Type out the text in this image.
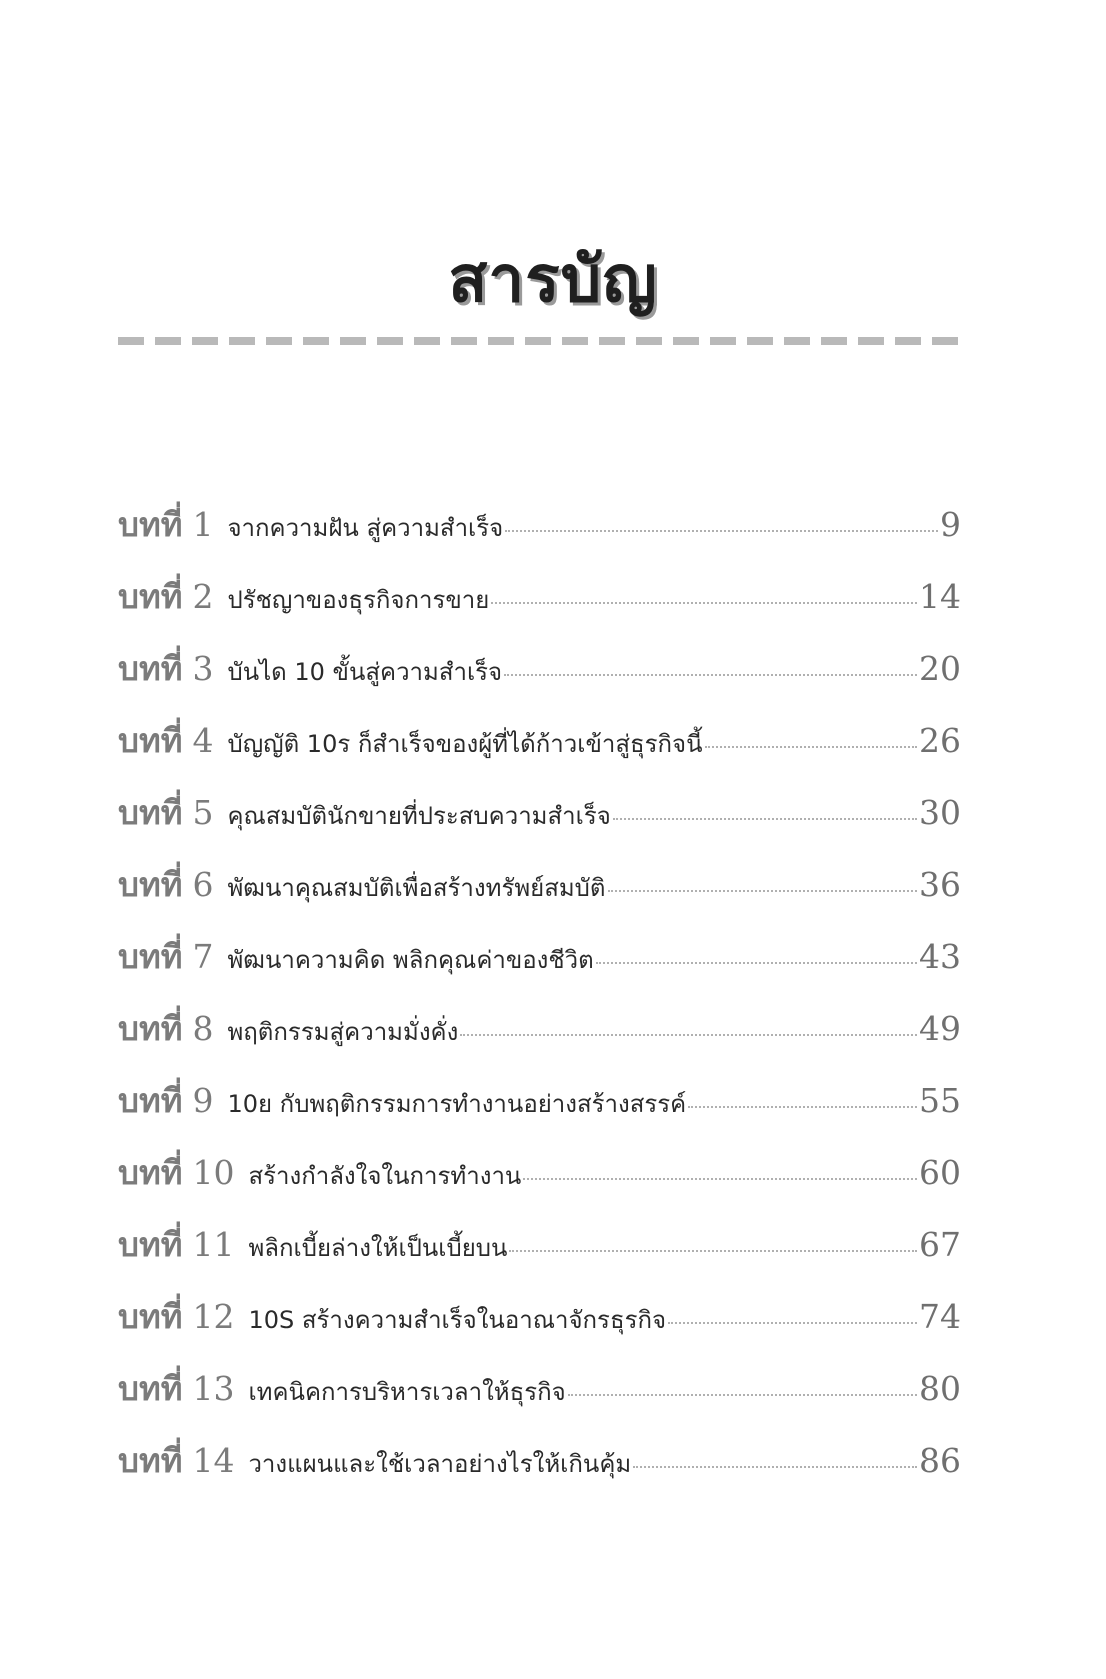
สารบัญ
บทที่ 1 จากความฝัน สู่ความสำเร็จ	9
บทที่ 2 ปรัชญาของธุรกิจการขาย	14
บทที่ 3 บันได 10 ขั้นสู่ความสำเร็จ	20
บทที่ 4 บัญญัติ 10ร ก็สำเร็จของผู้ที่ได้ก้าวเข้าสู่ธุรกิจนี้	26
บทที่ 5 คุณสมบัตินักขายที่ประสบความสำเร็จ	30
บทที่ 6 พัฒนาคุณสมบัติเพื่อสร้างทรัพย์สมบัติ	36
บทที่ 7 พัฒนาความคิด พลิกคุณค่าของชีวิต	43
บทที่ 8 พฤติกรรมสู่ความมั่งคั่ง	49
บทที่ 9 10ย กับพฤติกรรมการทำงานอย่างสร้างสรรค์	55
บทที่ 10 สร้างกำลังใจในการทำงาน	60
บทที่ 11 พลิกเบี้ยล่างให้เป็นเบี้ยบน	67
บทที่ 12 10S สร้างความสำเร็จในอาณาจักรธุรกิจ	74
บทที่ 13 เทคนิคการบริหารเวลาให้ธุรกิจ	80
บทที่ 14 วางแผนและใช้เวลาอย่างไรให้เกินคุ้ม	86
